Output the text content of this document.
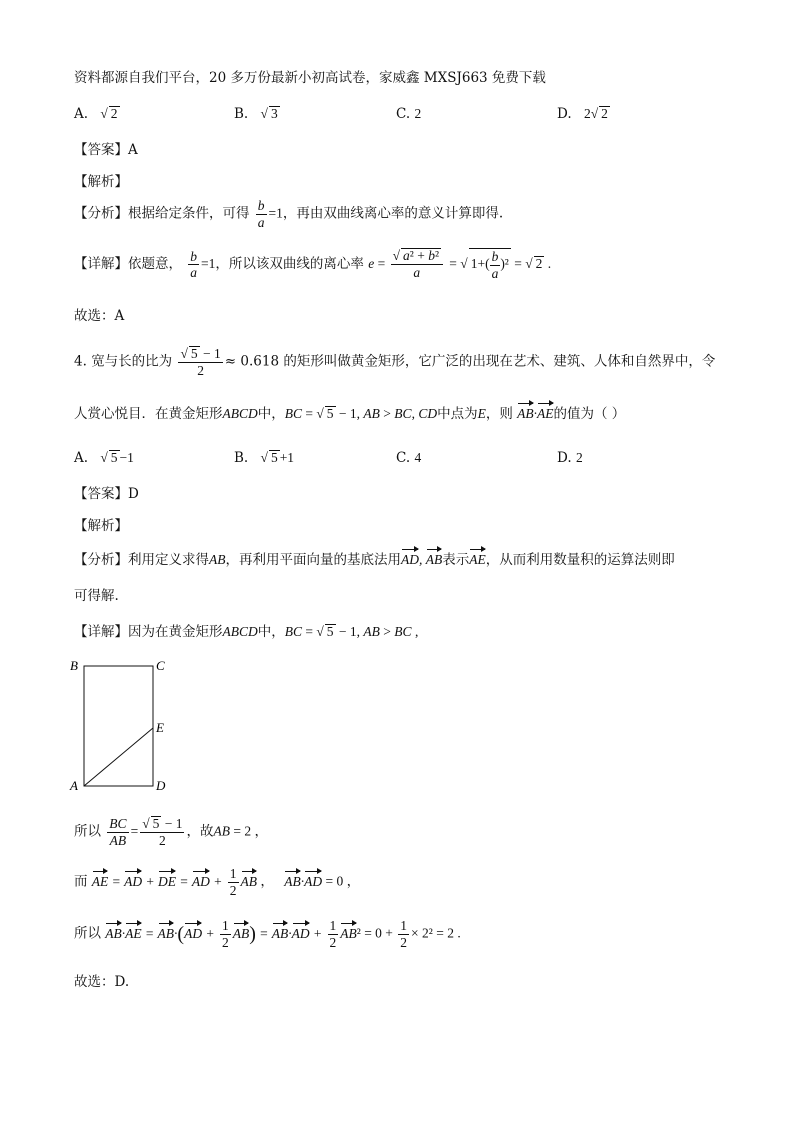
资料都源自我们平台，20 多万份最新小初高试卷，家威鑫 MXSJ663 免费下载
A. √ 2	B. √ 3	C. 2	D. 2√ 2
【答案】A
【解析】
【分析】根据给定条件，可得 $\frac{b}{a} =1$，再由双曲线离心率的意义计算即得.
【详解】依题意， $\frac{b}{a} =1$，所以该双曲线的离心率 $e = \frac{\text{√ a² + b²}}{a}$ = √ $1+( \frac{b}{a} )^2$ = √ 2 .
故选：A
4. 宽与长的比为 $\frac{√ 5 - 1}{2} \approx 0.618$ 的矩形叫做黄金矩形，它广泛的出现在艺术、建筑、人体和自然界中，令
人赏心悦目．在黄金矩形ABCD中，BC = √ 5 − 1, AB > BC, CD中点为E，则 AB·AE的值为（ ）
A. √ 5 −1	B. √ 5 +1	C. 4	D. 2
【答案】D
【解析】
【分析】利用定义求得AB，再利用平面向量的基底法用AD, AB表示AE，从而利用数量积的运算法则即
可得解.
【详解】因为在黄金矩形ABCD中，BC = √ 5 − 1, AB > BC ,
B	C
E
A	D
所以 $\frac{BC}{AB} = \frac{√ 5 - 1}{2}$ ，故AB = 2 ，
而 AE = AD + DE = AD + $\frac{1}{2}$ AB ， AB·AD = 0 ，
所以 $AB\cdot AE = AB\cdot(AD + \frac{1}{2} AB) = AB\cdot AD + \frac{1}{2} AB^2 = 0 + \frac{1}{2} \times 2^2 = 2$ .
故选：D.
